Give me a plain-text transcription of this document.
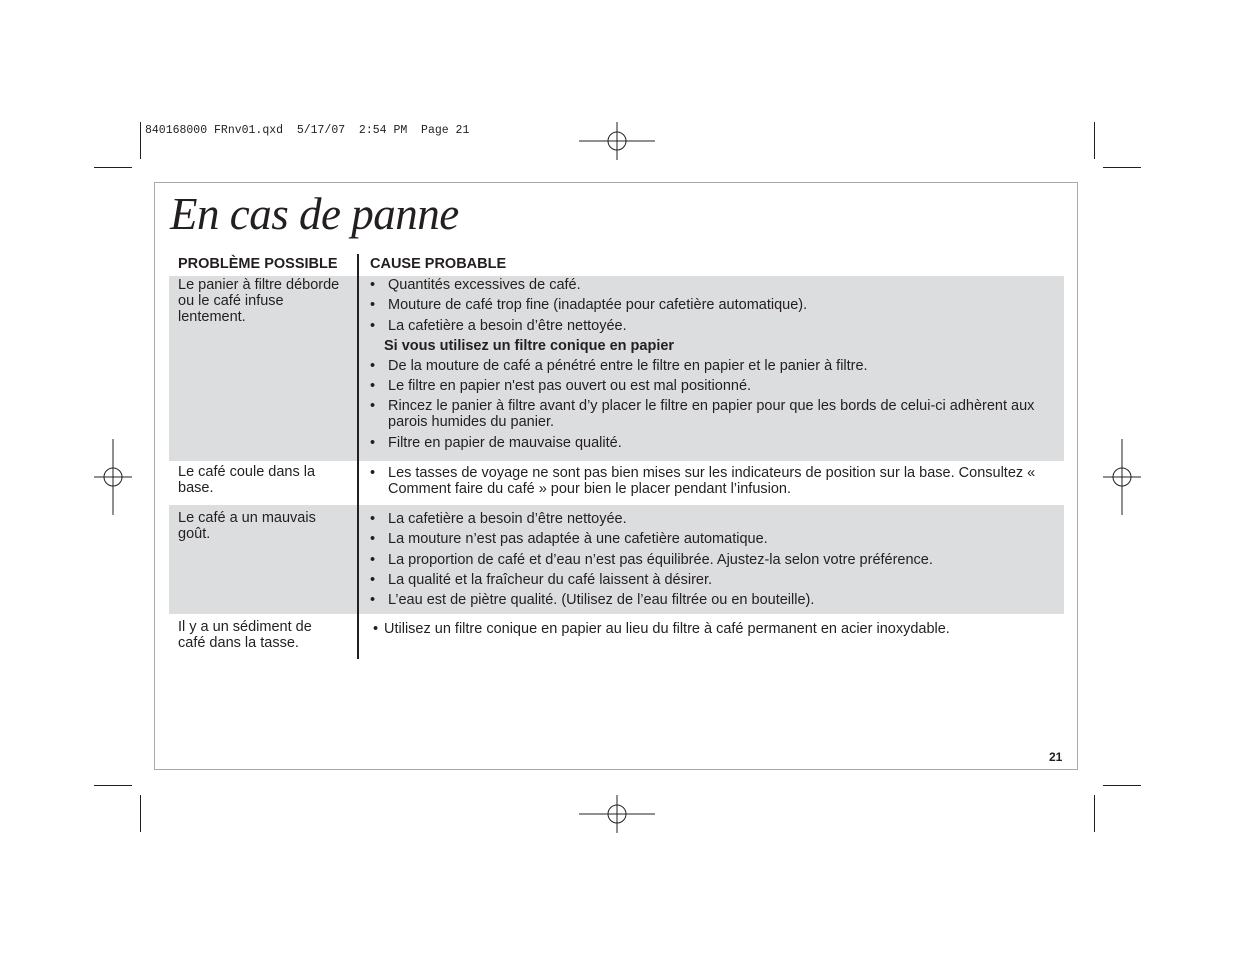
840168000 FRnv01.qxd  5/17/07  2:54 PM  Page 21
En cas de panne
PROBLÈME POSSIBLE CAUSE PROBABLE
Le panier à filtre déborde ou le café infuse lentement.
• Quantités excessives de café.
• Mouture de café trop fine (inadaptée pour cafetière automatique).
• La cafetière a besoin d’être nettoyée.
Si vous utilisez un filtre conique en papier
• De la mouture de café a pénétré entre le filtre en papier et le panier à filtre.
• Le filtre en papier n'est pas ouvert ou est mal positionné.
• Rincez le panier à filtre avant d’y placer le filtre en papier pour que les bords de celui-ci adhèrent aux parois humides du panier.
• Filtre en papier de mauvaise qualité.
Le café coule dans la base.
• Les tasses de voyage ne sont pas bien mises sur les indicateurs de position sur la base. Consultez « Comment faire du café » pour bien le placer pendant l’infusion.
Le café a un mauvais goût.
• La cafetière a besoin d’être nettoyée.
• La mouture n’est pas adaptée à une cafetière automatique.
• La proportion de café et d’eau n’est pas équilibrée. Ajustez-la selon votre préférence.
• La qualité et la fraîcheur du café laissent à désirer.
• L’eau est de piètre qualité. (Utilisez de l’eau filtrée ou en bouteille).
Il y a un sédiment de café dans la tasse.
• Utilisez un filtre conique en papier au lieu du filtre à café permanent en acier inoxydable.
21
